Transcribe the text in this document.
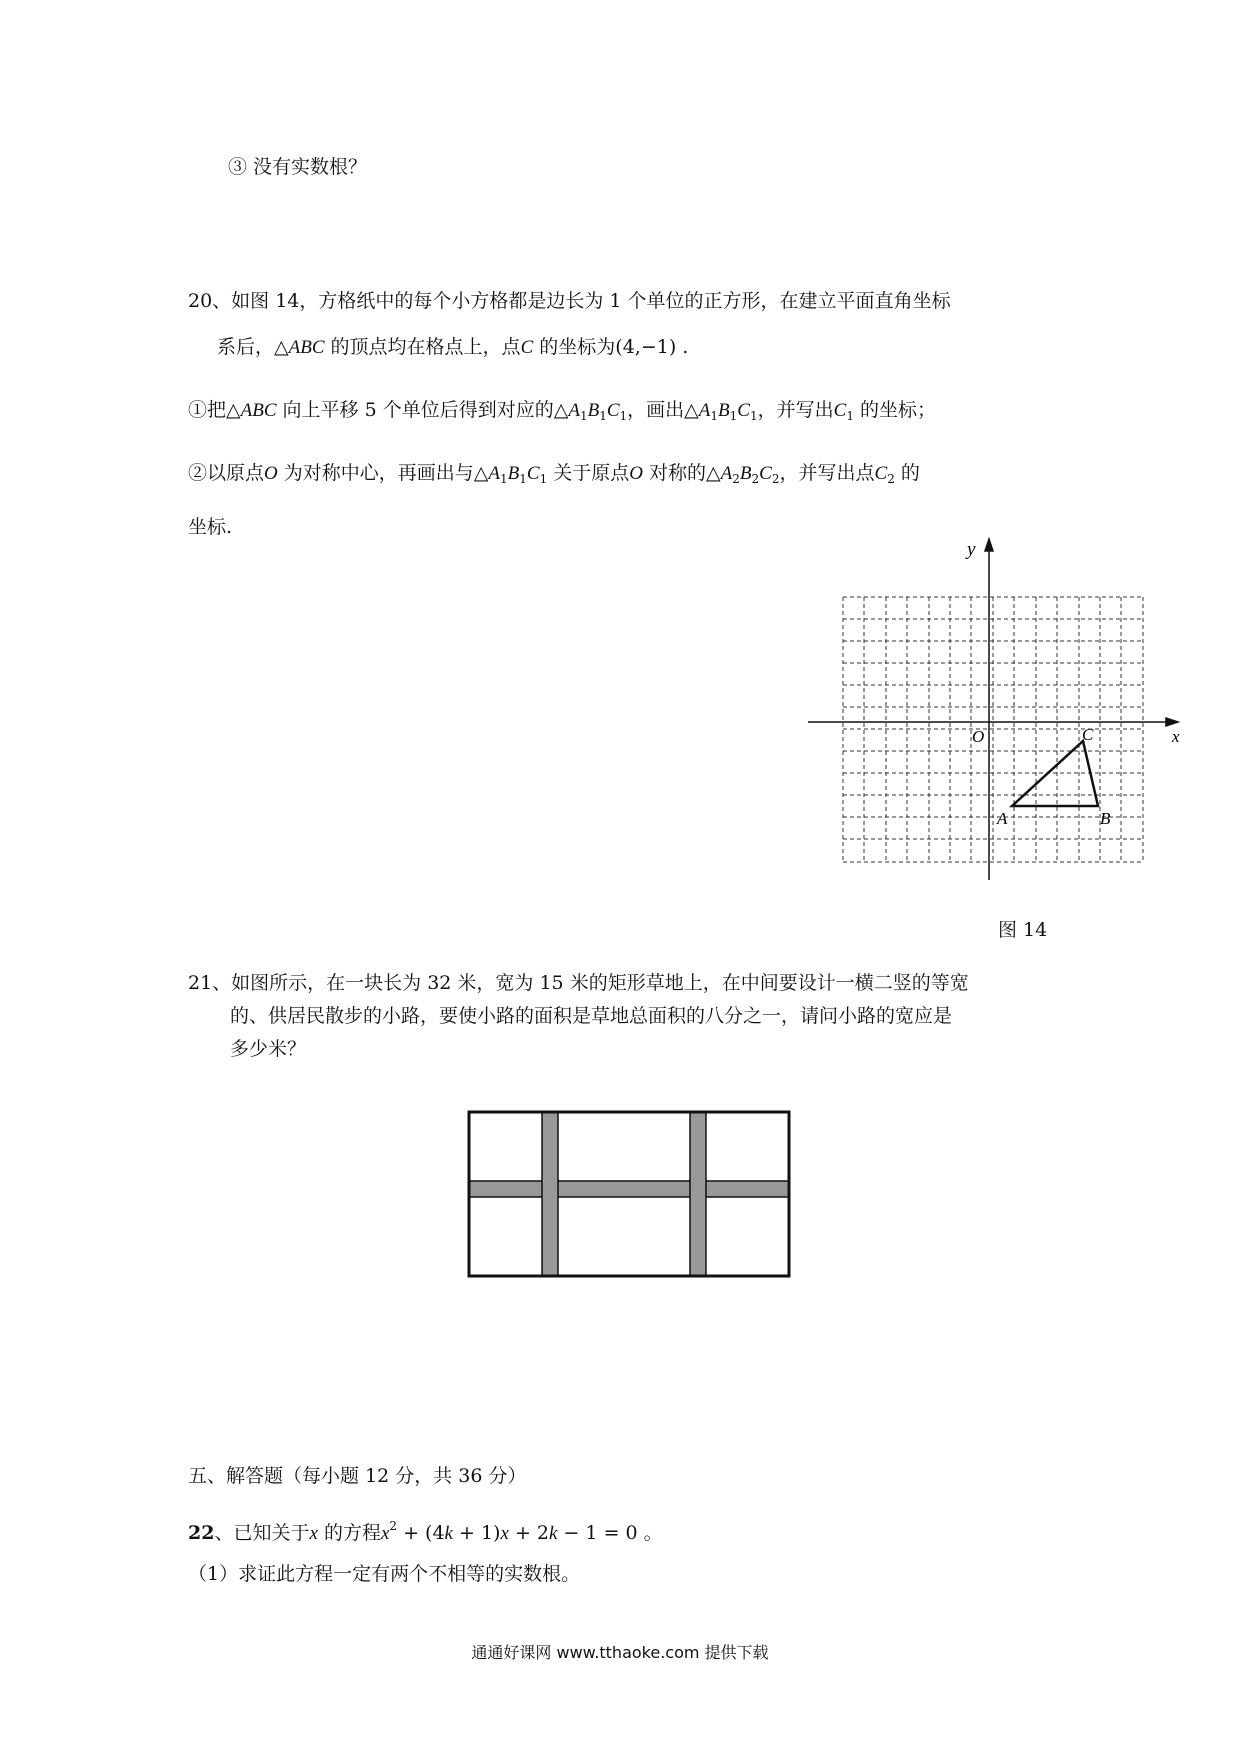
③ 没有实数根？
20、如图 14，方格纸中的每个小方格都是边长为 1 个单位的正方形，在建立平面直角坐标
系后，△ABC 的顶点均在格点上，点C 的坐标为(4,−1) .
①把△ABC 向上平移 5 个单位后得到对应的$\triangle A_1B_1C_1$，画出$\triangle A_1B_1C_1$，并写出$C_1$ 的坐标；
②以原点O 为对称中心，再画出与$\triangle A_1B_1C_1$ 关于原点O 对称的$\triangle A_2B_2C_2$，并写出点$C_2$ 的
坐标.
y
x
O
A	B
C
图 14
21、如图所示，在一块长为 32 米，宽为 15 米的矩形草地上，在中间要设计一横二竖的等宽
的、供居民散步的小路，要使小路的面积是草地总面积的八分之一，请问小路的宽应是
多少米？
五、解答题（每小题 12 分，共 36 分）
22、已知关于x 的方程$x^2 + (4k + 1)x + 2k - 1 = 0$ 。
（1）求证此方程一定有两个不相等的实数根。
通通好课网 www.tthaoke.com 提供下载
